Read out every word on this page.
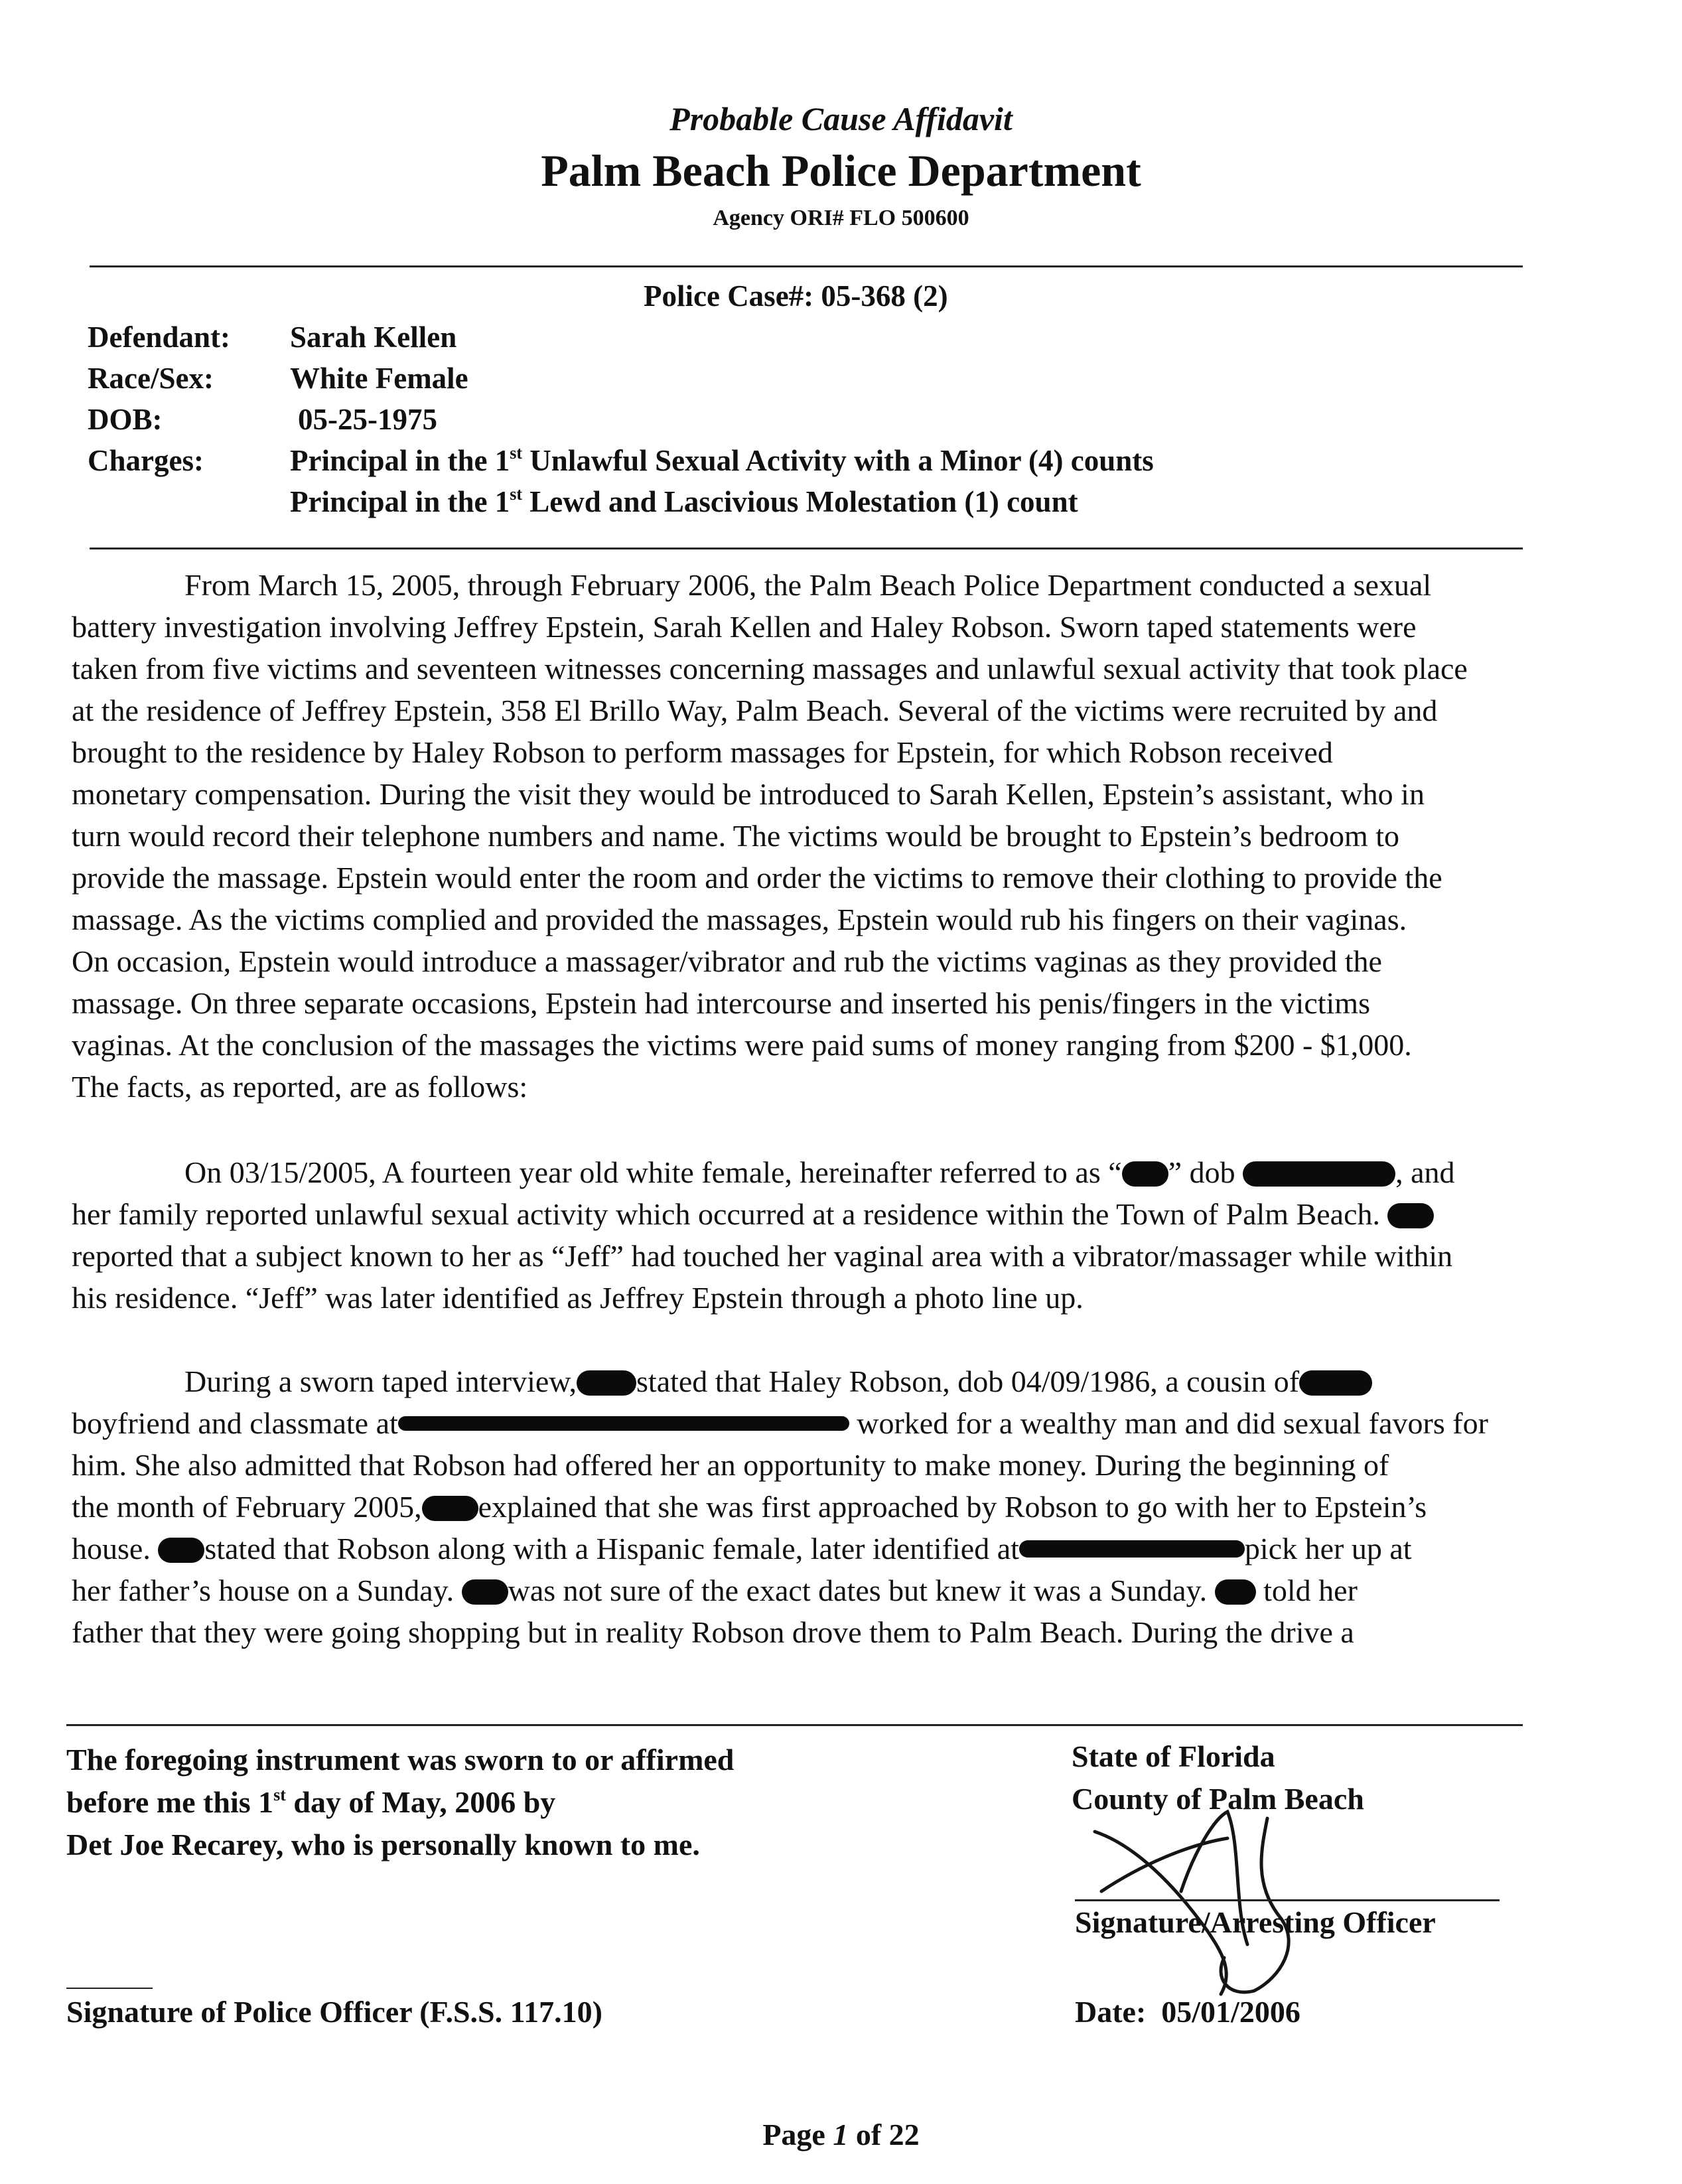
Probable Cause Affidavit
Palm Beach Police Department
Agency ORI# FLO 500600
Police Case#: 05-368 (2)
Defendant: Sarah Kellen
Race/Sex:	White Female
DOB:	05-25-1975
Charges:	Principal in the 1st Unlawful Sexual Activity with a Minor (4) counts
Principal in the 1st Lewd and Lascivious Molestation (1) count
From March 15, 2005, through February 2006, the Palm Beach Police Department conducted a sexual
battery investigation involving Jeffrey Epstein, Sarah Kellen and Haley Robson. Sworn taped statements were
taken from five victims and seventeen witnesses concerning massages and unlawful sexual activity that took place
at the residence of Jeffrey Epstein, 358 El Brillo Way, Palm Beach. Several of the victims were recruited by and
brought to the residence by Haley Robson to perform massages for Epstein, for which Robson received
monetary compensation. During the visit they would be introduced to Sarah Kellen, Epstein’s assistant, who in
turn would record their telephone numbers and name. The victims would be brought to Epstein’s bedroom to
provide the massage. Epstein would enter the room and order the victims to remove their clothing to provide the
massage. As the victims complied and provided the massages, Epstein would rub his fingers on their vaginas.
On occasion, Epstein would introduce a massager/vibrator and rub the victims vaginas as they provided the
massage. On three separate occasions, Epstein had intercourse and inserted his penis/fingers in the victims
vaginas. At the conclusion of the massages the victims were paid sums of money ranging from $200 - $1,000.
The facts, as reported, are as follows:
On 03/15/2005, A fourteen year old white female, hereinafter referred to as “ ” dob	, and
her family reported unlawful sexual activity which occurred at a residence within the Town of Palm Beach.
reported that a subject known to her as “Jeff” had touched her vaginal area with a vibrator/massager while within
his residence. “Jeff” was later identified as Jeffrey Epstein through a photo line up.
During a sworn taped interview, stated that Haley Robson, dob 04/09/1986, a cousin of
boyfriend and classmate at	worked for a wealthy man and did sexual favors for
him. She also admitted that Robson had offered her an opportunity to make money. During the beginning of
the month of February 2005, explained that she was first approached by Robson to go with her to Epstein’s
house. stated that Robson along with a Hispanic female, later identified at	pick her up at
her father’s house on a Sunday. was not sure of the exact dates but knew it was a Sunday. told her
father that they were going shopping but in reality Robson drove them to Palm Beach. During the drive a
The foregoing instrument was sworn to or affirmed
before me this 1st day of May, 2006 by
Det Joe Recarey, who is personally known to me.
State of Florida
County of Palm Beach
Signature/Arresting Officer
Date: 05/01/2006
Signature of Police Officer (F.S.S. 117.10)
Page 1 of 22
